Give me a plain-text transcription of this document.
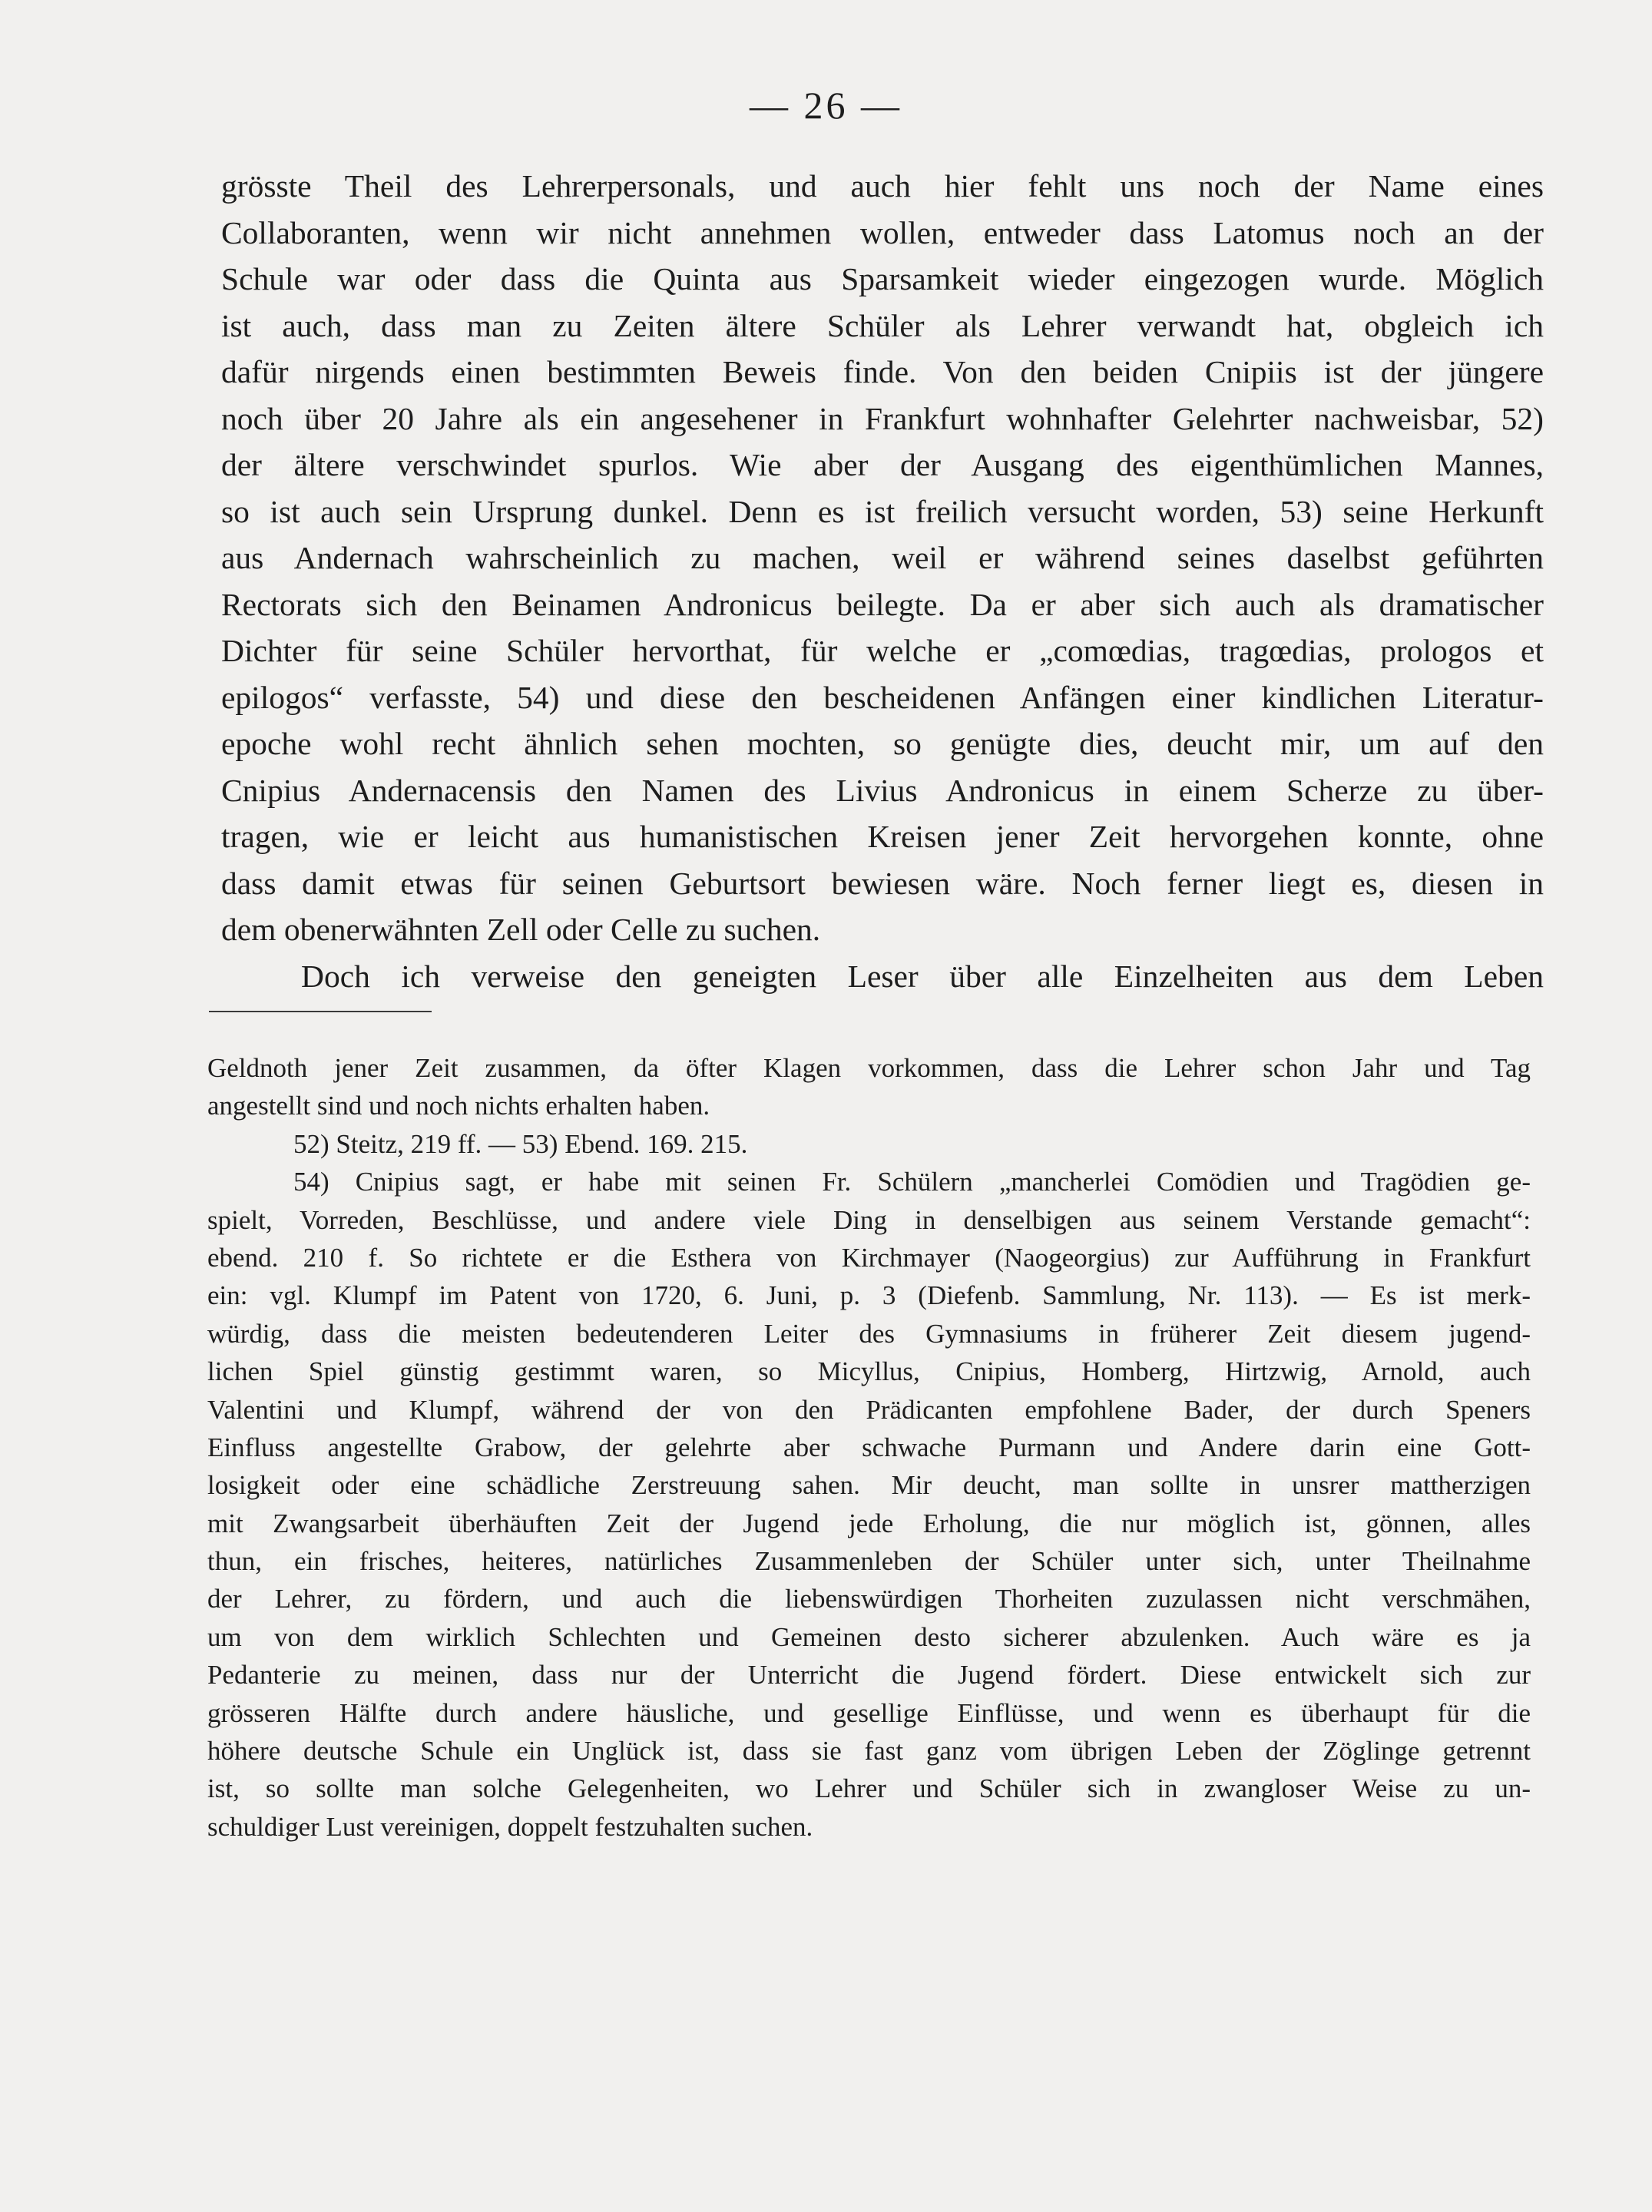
— 26 —
grösste Theil des Lehrerpersonals, und auch hier fehlt uns noch der Name eines
Collaboranten, wenn wir nicht annehmen wollen, entweder dass Latomus noch an der
Schule war oder dass die Quinta aus Sparsamkeit wieder eingezogen wurde. Möglich
ist auch, dass man zu Zeiten ältere Schüler als Lehrer verwandt hat, obgleich ich
dafür nirgends einen bestimmten Beweis finde. Von den beiden Cnipiis ist der jüngere
noch über 20 Jahre als ein angesehener in Frankfurt wohnhafter Gelehrter nachweisbar, 52)
der ältere verschwindet spurlos. Wie aber der Ausgang des eigenthümlichen Mannes,
so ist auch sein Ursprung dunkel. Denn es ist freilich versucht worden, 53) seine Herkunft
aus Andernach wahrscheinlich zu machen, weil er während seines daselbst geführten
Rectorats sich den Beinamen Andronicus beilegte. Da er aber sich auch als dramatischer
Dichter für seine Schüler hervorthat, für welche er „comœdias, tragœdias, prologos et
epilogos“ verfasste, 54) und diese den bescheidenen Anfängen einer kindlichen Literatur-
epoche wohl recht ähnlich sehen mochten, so genügte dies, deucht mir, um auf den
Cnipius Andernacensis den Namen des Livius Andronicus in einem Scherze zu über-
tragen, wie er leicht aus humanistischen Kreisen jener Zeit hervorgehen konnte, ohne
dass damit etwas für seinen Geburtsort bewiesen wäre. Noch ferner liegt es, diesen in
dem obenerwähnten Zell oder Celle zu suchen.
Doch ich verweise den geneigten Leser über alle Einzelheiten aus dem Leben
Geldnoth jener Zeit zusammen, da öfter Klagen vorkommen, dass die Lehrer schon Jahr und Tag
angestellt sind und noch nichts erhalten haben.
52) Steitz, 219 ff. — 53) Ebend. 169. 215.
54) Cnipius sagt, er habe mit seinen Fr. Schülern „mancherlei Comödien und Tragödien ge-
spielt, Vorreden, Beschlüsse, und andere viele Ding in denselbigen aus seinem Verstande gemacht“:
ebend. 210 f. So richtete er die Esthera von Kirchmayer (Naogeorgius) zur Aufführung in Frankfurt
ein: vgl. Klumpf im Patent von 1720, 6. Juni, p. 3 (Diefenb. Sammlung, Nr. 113). — Es ist merk-
würdig, dass die meisten bedeutenderen Leiter des Gymnasiums in früherer Zeit diesem jugend-
lichen Spiel günstig gestimmt waren, so Micyllus, Cnipius, Homberg, Hirtzwig, Arnold, auch
Valentini und Klumpf, während der von den Prädicanten empfohlene Bader, der durch Speners
Einfluss angestellte Grabow, der gelehrte aber schwache Purmann und Andere darin eine Gott-
losigkeit oder eine schädliche Zerstreuung sahen. Mir deucht, man sollte in unsrer mattherzigen
mit Zwangsarbeit überhäuften Zeit der Jugend jede Erholung, die nur möglich ist, gönnen, alles
thun, ein frisches, heiteres, natürliches Zusammenleben der Schüler unter sich, unter Theilnahme
der Lehrer, zu fördern, und auch die liebenswürdigen Thorheiten zuzulassen nicht verschmähen,
um von dem wirklich Schlechten und Gemeinen desto sicherer abzulenken. Auch wäre es ja
Pedanterie zu meinen, dass nur der Unterricht die Jugend fördert. Diese entwickelt sich zur
grösseren Hälfte durch andere häusliche, und gesellige Einflüsse, und wenn es überhaupt für die
höhere deutsche Schule ein Unglück ist, dass sie fast ganz vom übrigen Leben der Zöglinge getrennt
ist, so sollte man solche Gelegenheiten, wo Lehrer und Schüler sich in zwangloser Weise zu un-
schuldiger Lust vereinigen, doppelt festzuhalten suchen.
